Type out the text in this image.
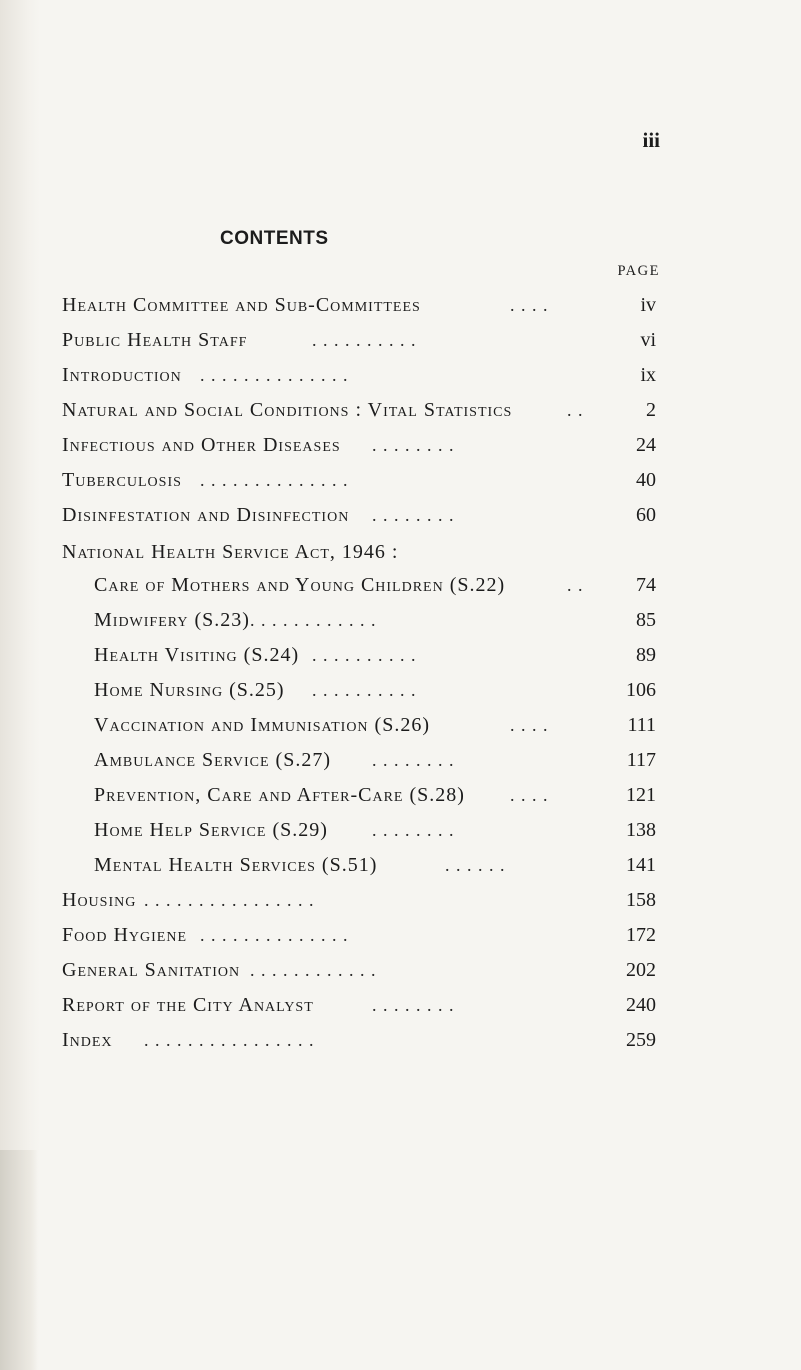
iii
CONTENTS
PAGE
Health Committee and Sub-Committees	. . . .	iv
Public Health Staff	. . . . . . . . . .	vi
Introduction . . . . . . . . . . . . . .	ix
Natural and Social Conditions : Vital Statistics	. .	2
Infectious and Other Diseases . . . . . . . .	24
Tuberculosis . . . . . . . . . . . . . .	40
Disinfestation and Disinfection . . . . . . . .	60
National Health Service Act, 1946 :
Care of Mothers and Young Children (S.22)	. .	74
Midwifery (S.23) . . . . . . . . . . . .	85
Health Visiting (S.24) . . . . . . . . . .	89
Home Nursing (S.25) . . . . . . . . . .	106
Vaccination and Immunisation (S.26)	. . . .	111
Ambulance Service (S.27) . . . . . . . .	117
Prevention, Care and After-Care (S.28)	. . . .	121
Home Help Service (S.29) . . . . . . . .	138
Mental Health Services (S.51)	. . . . . .	141
Housing . . . . . . . . . . . . . . . .	158
Food Hygiene . . . . . . . . . . . . . .	172
General Sanitation . . . . . . . . . . . .	202
Report of the City Analyst	. . . . . . . .	240
Index . . . . . . . . . . . . . . . .	259
